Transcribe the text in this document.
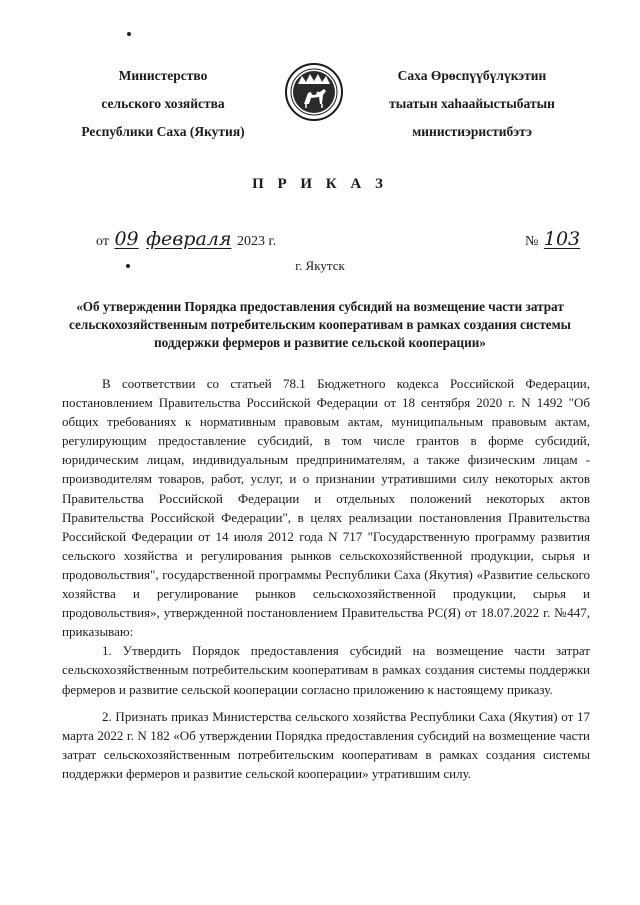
Министерство
сельского хозяйства
Республики Саха (Якутия)
Саха Өрөспүүбүлүкэтин
тыатын хаһаайыстыбатын
министиэристибэтэ
П Р И К А З
от 09 февраля 2023 г.	№ 103
г. Якутск
«Об утверждении Порядка предоставления субсидий на возмещение части затрат сельскохозяйственным потребительским кооперативам в рамках создания системы поддержки фермеров и развитие сельской кооперации»

В соответствии со статьей 78.1 Бюджетного кодекса Российской Федерации, постановлением Правительства Российской Федерации от 18 сентября 2020 г. N 1492 "Об общих требованиях к нормативным правовым актам, муниципальным правовым актам, регулирующим предоставление субсидий, в том числе грантов в форме субсидий, юридическим лицам, индивидуальным предпринимателям, а также физическим лицам - производителям товаров, работ, услуг, и о признании утратившими силу некоторых актов Правительства Российской Федерации и отдельных положений некоторых актов Правительства Российской Федерации", в целях реализации постановления Правительства Российской Федерации от 14 июля 2012 года N 717 "Государственную программу развития сельского хозяйства и регулирования рынков сельскохозяйственной продукции, сырья и продовольствия", государственной программы Республики Саха (Якутия) «Развитие сельского хозяйства и регулирование рынков сельскохозяйственной продукции, сырья и продовольствия», утвержденной постановлением Правительства РС(Я) от 18.07.2022 г. №447, приказываю:

1. Утвердить Порядок предоставления субсидий на возмещение части затрат сельскохозяйственным потребительским кооперативам в рамках создания системы поддержки фермеров и развитие сельской кооперации согласно приложению к настоящему приказу.

2. Признать приказ Министерства сельского хозяйства Республики Саха (Якутия) от 17 марта 2022 г. N 182 «Об утверждении Порядка предоставления субсидий на возмещение части затрат сельскохозяйственным потребительским кооперативам в рамках создания системы поддержки фермеров и развитие сельской кооперации» утратившим силу.
